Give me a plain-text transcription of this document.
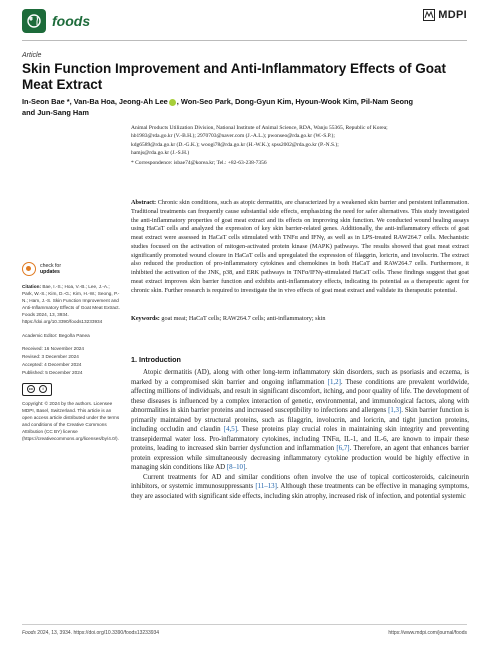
foods	MDPI
Article
Skin Function Improvement and Anti-Inflammatory Effects of Goat Meat Extract
In-Seon Bae *, Van-Ba Hoa, Jeong-Ah Lee , Won-Seo Park, Dong-Gyun Kim, Hyoun-Wook Kim, Pil-Nam Seong
and Jun-Sang Ham
Animal Products Utilization Division, National Institute of Animal Science, RDA, Wanju 55365, Republic of Korea;
hb1983@rda.go.kr (V.-B.H.); 2970703@naver.com (J.-A.L.); pwonseo@rda.go.kr (W.-S.P.);
kdg6589@rda.go.kr (D.-G.K.); woogi78@rda.go.kr (H.-W.K.); spss2002@rda.go.kr (P.-N.S.);
hamjs@rda.go.kr (J.-S.H.)
* Correspondence: isbae74@korea.kr; Tel.: +82-63-238-7356
Abstract: Chronic skin conditions, such as atopic dermatitis, are characterized by a weakened skin barrier and persistent inflammation. Traditional treatments can frequently cause substantial side effects, emphasizing the need for safer alternatives. This study investigated the anti-inflammatory properties of goat meat extract and its effects on improving skin function. We conducted wound healing assays using HaCaT cells and analyzed the expression of key skin barrier-related genes. Additionally, the anti-inflammatory effects of goat meat extract were assessed in HaCaT cells stimulated with TNFα and IFNγ, as well as in LPS-treated RAW264.7 cells. Mechanistic studies focused on the activation of mitogen-activated protein kinase (MAPK) pathways. The results showed that goat meat extract significantly promoted wound closure in HaCaT cells and upregulated the expression of filaggrin, loricrin, and involucrin. The extract also reduced the production of pro-inflammatory cytokines and chemokines in both HaCaT and RAW264.7 cells. Furthermore, it inhibited the activation of the JNK, p38, and ERK pathways in TNFα/IFNγ-stimulated HaCaT cells. These findings suggest that goat meat extract improves skin barrier function and exhibits anti-inflammatory effects, indicating its potential as a therapeutic agent for chronic skin. Further research is required to investigate the in vivo effects of goat meat extract and validate its therapeutic potential.
Keywords: goat meat; HaCaT cells; RAW264.7 cells; anti-inflammatory; skin
check for
updates
Citation: Bae, I.-S.; Hoa, V.-B.; Lee, J.-A.; Park, W.-S.; Kim, D.-G.; Kim, H.-W.; Seong, P.-N.; Ham, J.-S. Skin Function Improvement and Anti-Inflammatory Effects of Goat Meat Extract. Foods 2024, 13, 3934. https://doi.org/10.3390/foods13233934
Academic Editor: Begoña Panea
Received: 16 November 2024
Revised: 3 December 2024
Accepted: 4 December 2024
Published: 5 December 2024
cc	i
Copyright: © 2024 by the authors. Licensee MDPI, Basel, Switzerland. This article is an open access article distributed under the terms and conditions of the Creative Commons Attribution (CC BY) license (https://creativecommons.org/licenses/by/4.0/).
1. Introduction

Atopic dermatitis (AD), along with other long-term inflammatory skin disorders, such as psoriasis and eczema, is marked by a compromised skin barrier and ongoing inflammation [1,2]. These conditions are prevalent worldwide, affecting millions of individuals, and result in significant discomfort, itching, and poor quality of life. The development of these diseases is influenced by a complex interaction of genetic, environmental, and immunological factors, along with abnormalities in skin barrier proteins and increased susceptibility to infections and allergens [1,3]. Skin barrier function is primarily maintained by structural proteins, such as filaggrin, involucrin, and loricrin, and tight junction proteins, including occludin and claudin [4,5]. These proteins play crucial roles in maintaining skin integrity and preventing transepidermal water loss. Pro-inflammatory cytokines, including TNFα, IL-1, and IL-6, are known to impair these proteins, leading to increased skin barrier dysfunction and inflammation [6,7]. Therefore, an agent that enhances barrier protein expression while simultaneously decreasing inflammatory cytokine production would be highly effective in managing skin conditions like AD [8–10].

Current treatments for AD and similar conditions often involve the use of topical corticosteroids, calcineurin inhibitors, or systemic immunosuppressants [11–13]. Although these treatments can be effective in managing symptoms, they are associated with significant side effects, including skin atrophy, increased risk of infection, and potential systemic

Foods 2024, 13, 3934. https://doi.org/10.3390/foods13233934	https://www.mdpi.com/journal/foods
